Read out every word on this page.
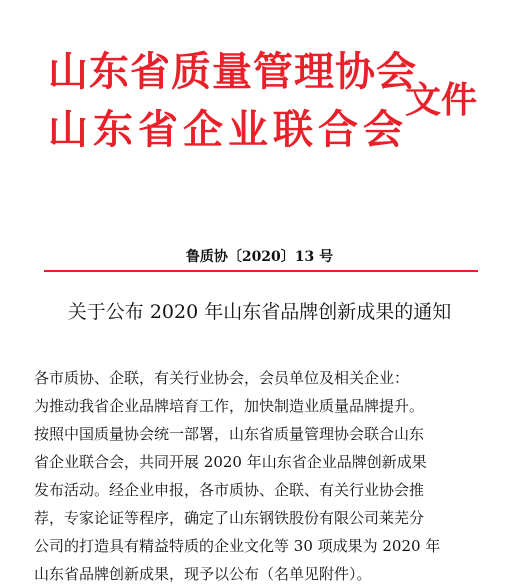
山东省质量管理协会
山东省企业联合会
文件
鲁质协〔2020〕13 号
关于公布 2020 年山东省品牌创新成果的通知
各市质协、企联，有关行业协会，会员单位及相关企业：
为推动我省企业品牌培育工作，加快制造业质量品牌提升。
按照中国质量协会统一部署，山东省质量管理协会联合山东
省企业联合会，共同开展 2020 年山东省企业品牌创新成果
发布活动。经企业申报，各市质协、企联、有关行业协会推
荐，专家论证等程序，确定了山东钢铁股份有限公司莱芜分
公司的打造具有精益特质的企业文化等 30 项成果为 2020 年
山东省品牌创新成果，现予以公布（名单见附件）。
